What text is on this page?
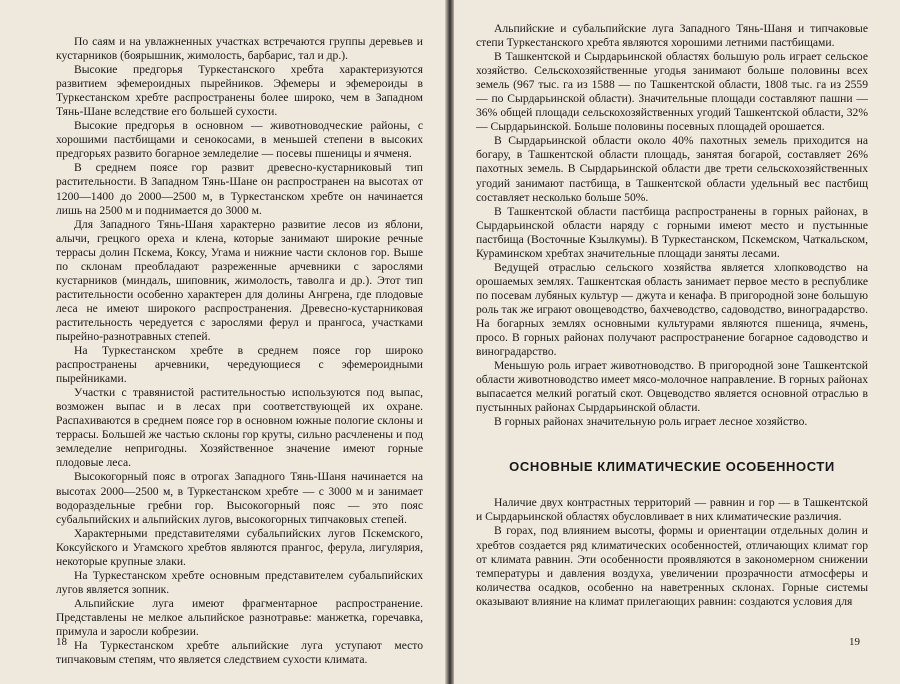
По саям и на увлажненных участках встречаются группы деревьев и кустарников (боярышник, жимолость, барбарис, тал и др.).

Высокие предгорья Туркестанского хребта характеризуются развитием эфемероидных пырейников. Эфемеры и эфемероиды в Туркестанском хребте распространены более широко, чем в Западном Тянь-Шане вследствие его большей сухости.

Высокие предгорья в основном — животноводческие районы, с хорошими пастбищами и сенокосами, в меньшей степени в высоких предгорьях развито богарное земледелие — посевы пшеницы и ячменя.

В среднем поясе гор развит древесно-кустарниковый тип растительности. В Западном Тянь-Шане он распространен на высотах от 1200—1400 до 2000—2500 м, в Туркестанском хребте он начинается лишь на 2500 м и поднимается до 3000 м.

Для Западного Тянь-Шаня характерно развитие лесов из яблони, алычи, грецкого ореха и клена, которые занимают широкие речные террасы долин Пскема, Коксу, Угама и нижние части склонов гор. Выше по склонам преобладают разреженные арчевники с зарослями кустарников (миндаль, шиповник, жимолость, таволга и др.). Этот тип растительности особенно характерен для долины Ангрена, где плодовые леса не имеют широкого распространения. Древесно-кустарниковая растительность чередуется с зарослями ферул и прангоса, участками пырейно-разнотравных степей.

На Туркестанском хребте в среднем поясе гор широко распространены арчевники, чередующиеся с эфемероидными пырейниками.

Участки с травянистой растительностью используются под выпас, возможен выпас и в лесах при соответствующей их охране. Распахиваются в среднем поясе гор в основном южные пологие склоны и террасы. Большей же частью склоны гор круты, сильно расчленены и под земледелие непригодны. Хозяйственное значение имеют горные плодовые леса.

Высокогорный пояс в отрогах Западного Тянь-Шаня начинается на высотах 2000—2500 м, в Туркестанском хребте — с 3000 м и занимает водораздельные гребни гор. Высокогорный пояс — это пояс субальпийских и альпийских лугов, высокогорных типчаковых степей.

Характерными представителями субальпийских лугов Пскемского, Коксуйского и Угамского хребтов являются прангос, ферула, лигулярия, некоторые крупные злаки.

На Туркестанском хребте основным представителем субальпийских лугов является зопник.

Альпийские луга имеют фрагментарное распространение. Представлены не мелкое альпийское разнотравье: манжетка, горечавка, примула и зароcли кобрезии.

На Туркестанском хребте альпийские луга уступают место типчаковым степям, что является следствием сухости климата.

18

Альпийские и субальпийские луга Западного Тянь-Шаня и типчаковые степи Туркестанского хребта являются хорошими летними пастбищами.

В Ташкентской и Сырдарьинской областях большую роль играет сельское хозяйство. Сельскохозяйственные угодья занимают больше половины всех земель (967 тыс. га из 1588 — по Ташкентской области, 1808 тыс. га из 2559 — по Сырдарьинской области). Значительные площади составляют пашни — 36% общей площади сельскохозяйственных угодий Ташкентской области, 32% — Сырдарьинской. Больше половины посевных площадей орошается.

В Сырдарьинской области около 40% пахотных земель приходится на богару, в Ташкентской области площадь, занятая богарой, составляет 26% пахотных земель. В Сырдарьинской области две трети сельскохозяйственных угодий занимают пастбища, в Ташкентской области удельный вес пастбищ составляет несколько больше 50%.

В Ташкентской области пастбища распространены в горных районах, в Сырдарьинской области наряду с горными имеют место и пустынные пастбища (Восточные Кзылкумы). В Туркестанском, Пскемском, Чаткальском, Кураминском хребтах значительные площади заняты лесами.

Ведущей отраслью сельского хозяйства является хлопководство на орошаемых землях. Ташкентская область занимает первое место в республике по посевам лубяных культур — джута и кенафа. В пригородной зоне большую роль так же играют овощеводство, бахчеводство, садоводство, виноградарство. На богарных землях основными культурами являются пшеница, ячмень, просо. В горных районах получают распространение богарное садоводство и виноградарство.

Меньшую роль играет животноводство. В пригородной зоне Ташкентской области животноводство имеет мясо-молочное направление. В горных районах выпасается мелкий рогатый скот. Овцеводство является основной отраслью в пустынных районах Сырдарьинской области.

В горных районах значительную роль играет лесное хозяйство.

ОСНОВНЫЕ КЛИМАТИЧЕСКИЕ ОСОБЕННОСТИ

Наличие двух контрастных территорий — равнин и гор — в Ташкентской и Сырдарьинской областях обусловливает в них климатические различия.

В горах, под влиянием высоты, формы и ориентации отдельных долин и хребтов создается ряд климатических особенностей, отличающих климат гор от климата равнин. Эти особенности проявляются в закономерном снижении температуры и давления воздуха, увеличении прозрачности атмосферы и количества осадков, особенно на наветренных склонах. Горные системы оказывают влияние на климат прилегающих равнин: создаются условия для

19
